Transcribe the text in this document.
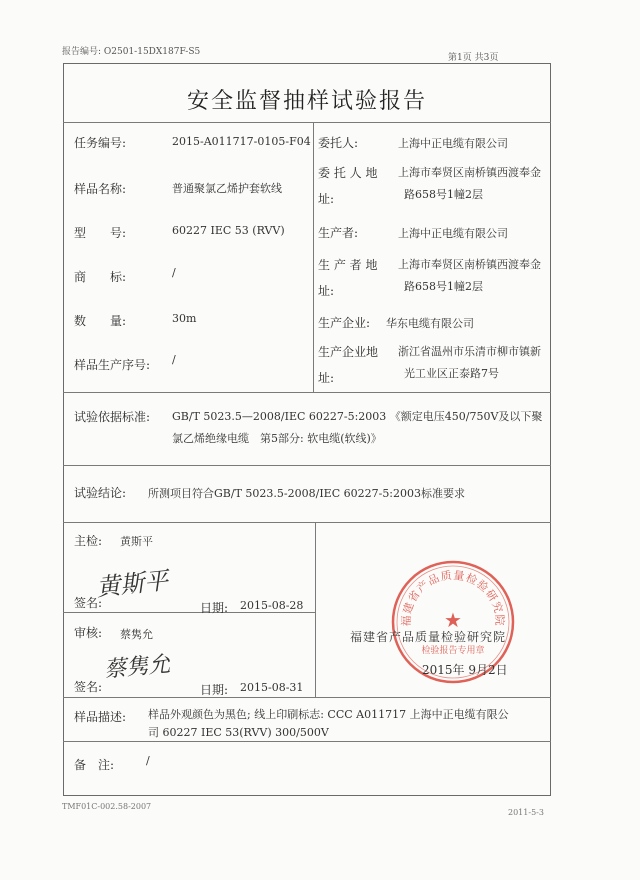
报告编号: O2501-15DX187F-S5
第1页 共3页
安全监督抽样试验报告
任务编号:	2015-A011717-0105-F04
样品名称:	普通聚氯乙烯护套软线
型　　号:	60227 IEC 53 (RVV)
商　　标:	/
数　　量:	30m
样品生产序号: /
委托人:	上海中正电缆有限公司
委 托 人 地
址:
上海市奉贤区南桥镇西渡奉金
路658号1幢2层
生产者:	上海中正电缆有限公司
生 产 者 地
址:
上海市奉贤区南桥镇西渡奉金
路658号1幢2层
生产企业: 华东电缆有限公司
生产企业地
址:
浙江省温州市乐清市柳市镇新
光工业区正泰路7号
试验依据标准: GB/T 5023.5—2008/IEC 60227-5:2003 《额定电压450/750V及以下聚
氯乙烯绝缘电缆　第5部分: 软电缆(软线)》
试验结论: 所测项目符合GB/T 5023.5-2008/IEC 60227-5:2003标准要求
主检: 黄斯平
黄斯平
签名:	日期: 2015-08-28
审核: 蔡隽允
蔡隽允
签名:	日期: 2015-08-31
福建省产品质量检验研究院
★
检验报告专用章
福建省产品质量检验研究院
2015年 9月2日
样品描述: 样品外观颜色为黑色; 线上印刷标志: CCC A011717 上海中正电缆有限公
司 60227 IEC 53(RVV) 300/500V
备　注:	/
TMF01C-002.58-2007
2011-5-3
